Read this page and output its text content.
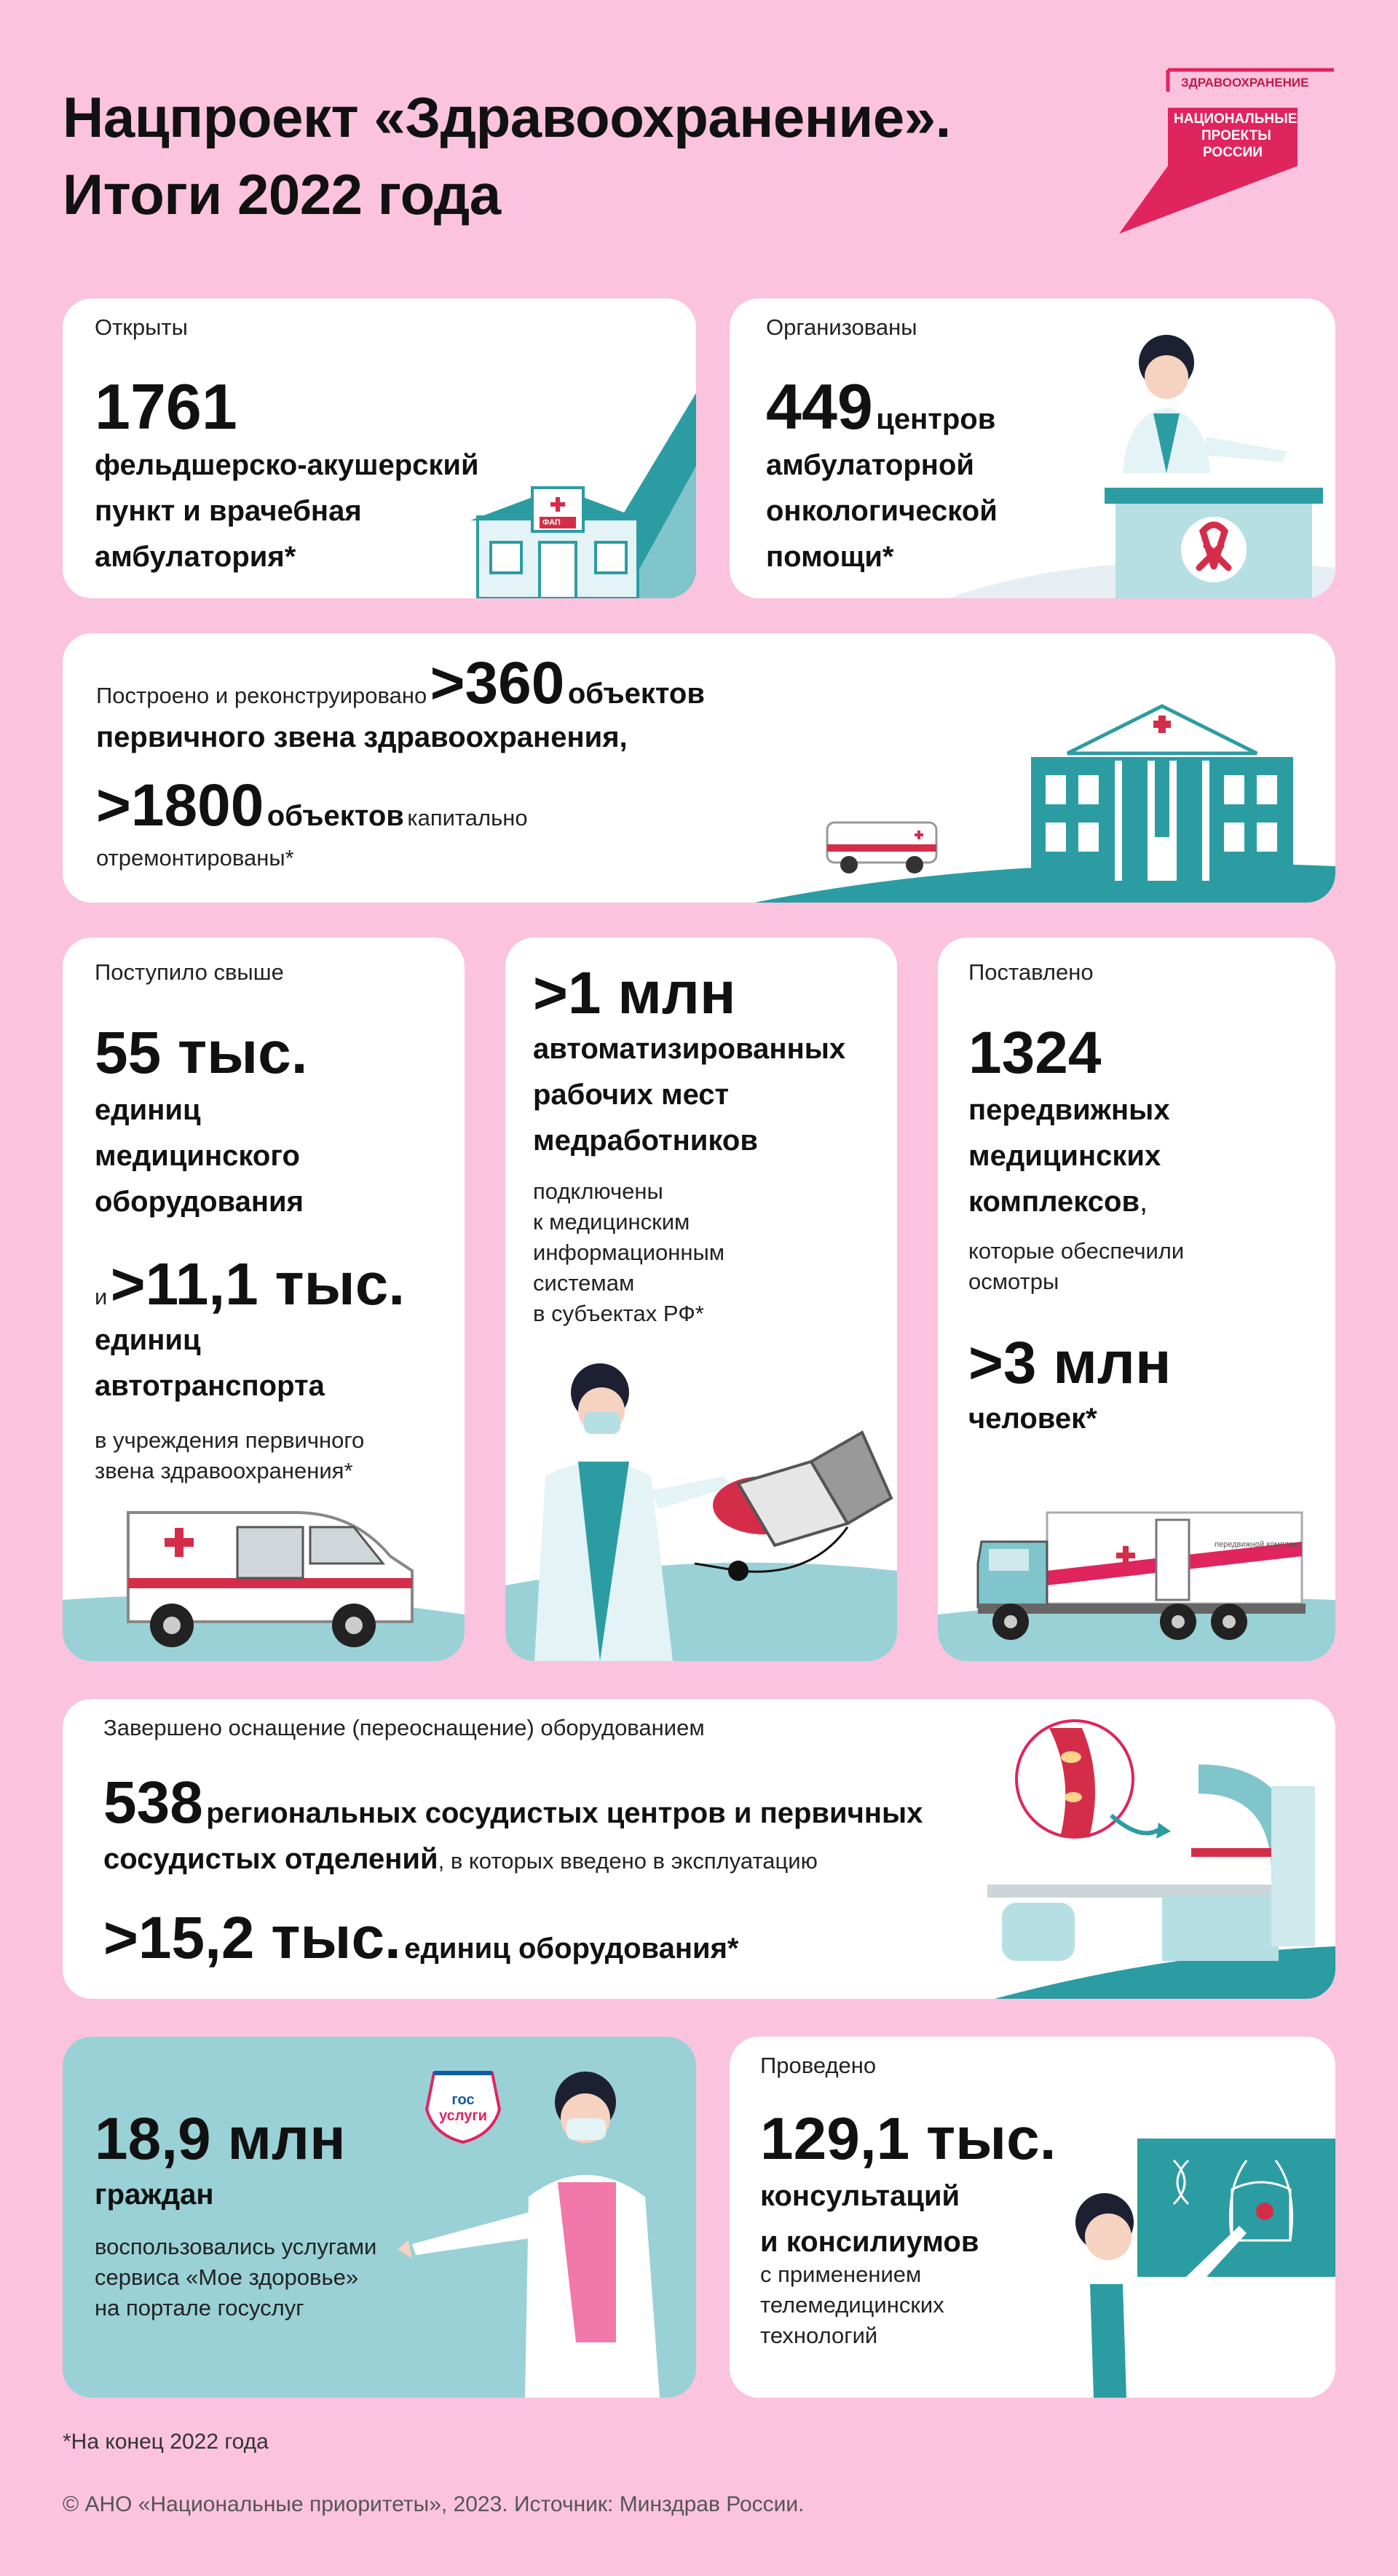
Нацпроект «Здравоохранение».
Итоги 2022 года
ЗДРАВООХРАНЕНИЕ
НАЦИОНАЛЬНЫЕ
ПРОЕКТЫ
РОССИИ
Открыты
1761
фельдшерско-акушерский
пункт и врачебная
амбулатория*
ФАП
Организованы
449 центров
амбулаторной
онкологической
помощи*
Построено и реконструировано >360 объектов
первичного звена здравоохранения,
>1800 объектов капитально
отремонтированы*
Поступило свыше
55 тыс.
единиц
медицинского
оборудования
и >11,1 тыс.
единиц
автотранспорта
в учреждения первичного
звена здравоохранения*
>1 млн
автоматизированных
рабочих мест
медработников
подключены
к медицинским
информационным
системам
в субъектах РФ*
Поставлено
1324
передвижных
медицинских
комплексов,
которые обеспечили
осмотры
>3 млн
человек*
передвижной комплекс
Завершено оснащение (переоснащение) оборудованием
538 региональных сосудистых центров и первичных
сосудистых отделений, в которых введено в эксплуатацию
>15,2 тыс. единиц оборудования*
18,9 млн
граждан
воспользовались услугами
сервиса «Мое здоровье»
на портале госуслуг
гос
услуги
Проведено
129,1 тыс.
консультаций
и консилиумов
с применением
телемедицинских
технологий
*На конец 2022 года
© АНО «Национальные приоритеты», 2023. Источник: Минздрав России.
